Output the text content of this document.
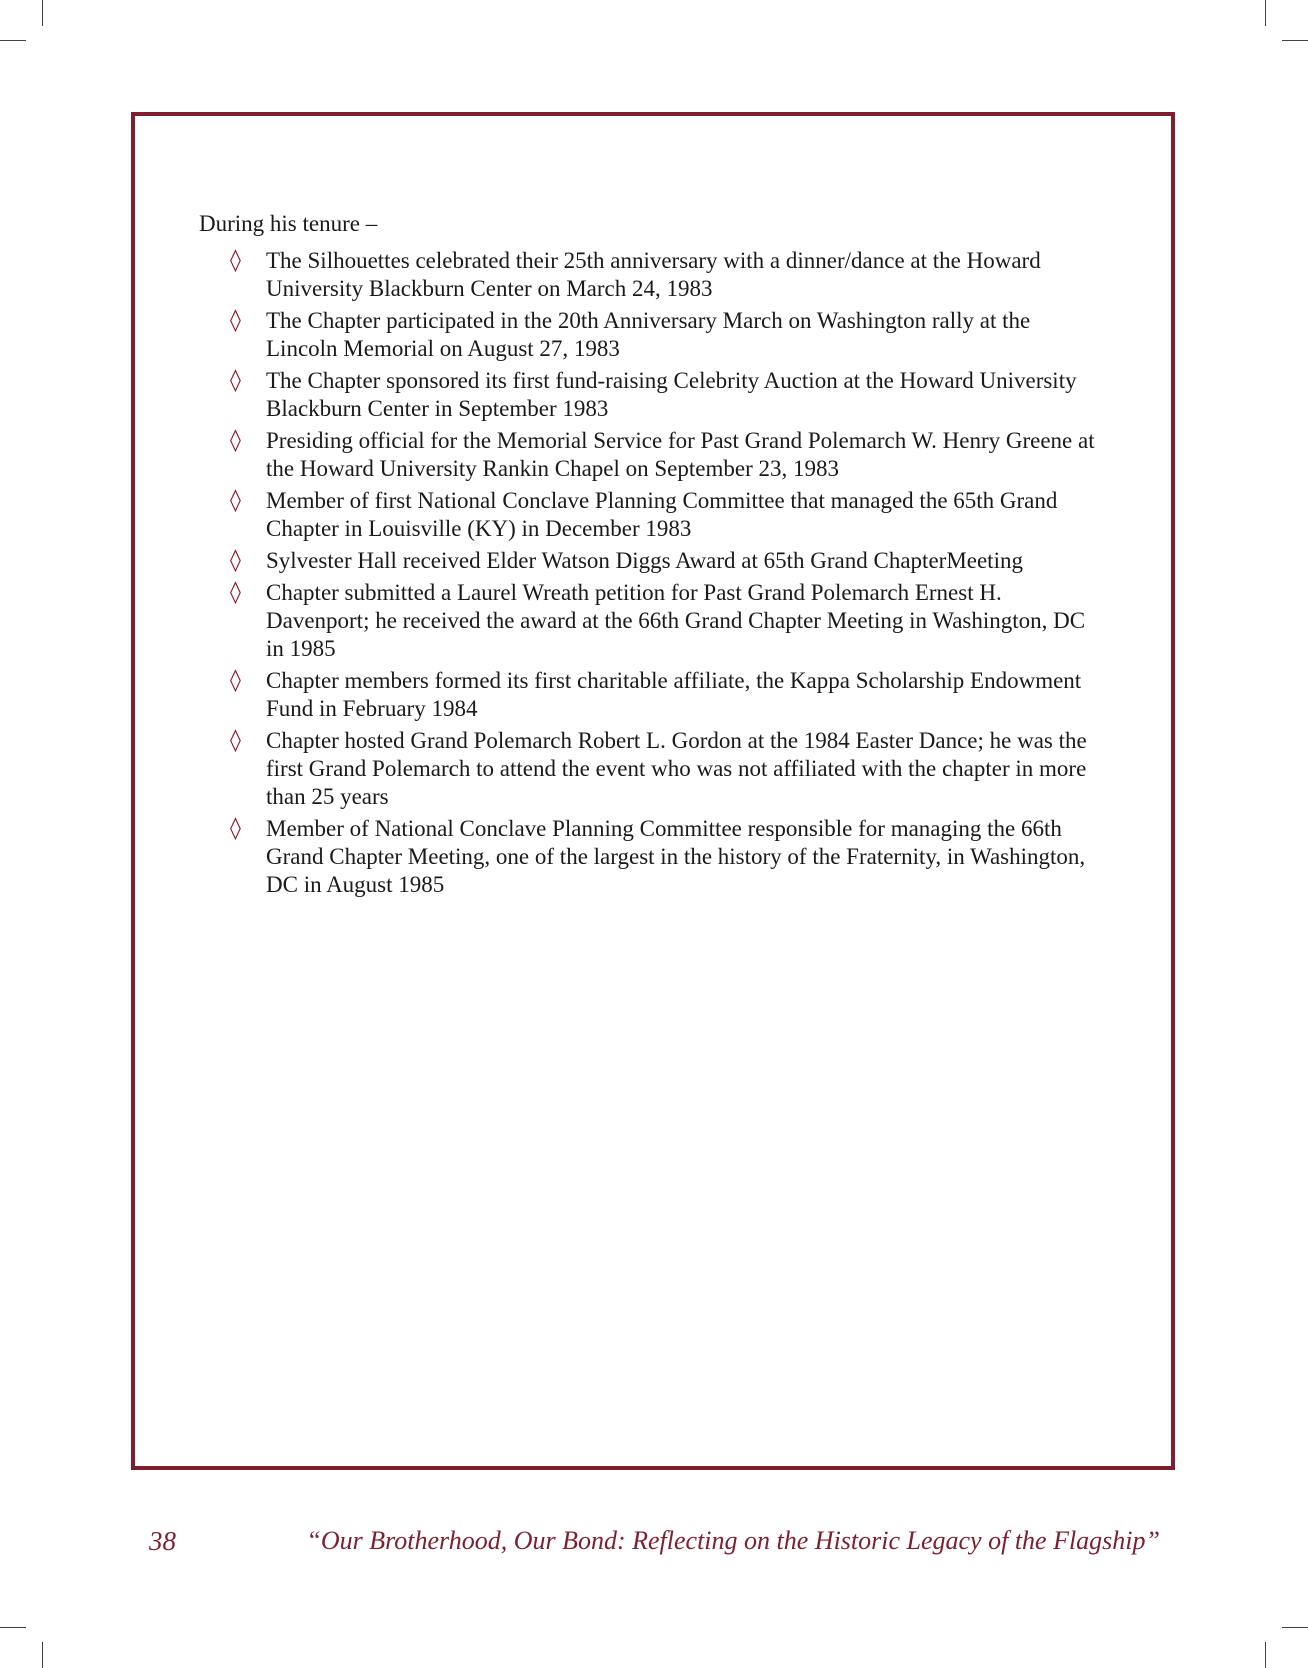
During his tenure –

◊ The Silhouettes celebrated their 25th anniversary with a dinner/dance at the Howard University Blackburn Center on March 24, 1983
◊ The Chapter participated in the 20th Anniversary March on Washington rally at the Lincoln Memorial on August 27, 1983
◊ The Chapter sponsored its first fund-raising Celebrity Auction at the Howard University Blackburn Center in September 1983
◊ Presiding official for the Memorial Service for Past Grand Polemarch W. Henry Greene at the Howard University Rankin Chapel on September 23, 1983
◊ Member of first National Conclave Planning Committee that managed the 65th Grand Chapter in Louisville (KY) in December 1983
◊ Sylvester Hall received Elder Watson Diggs Award at 65th Grand ChapterMeeting
◊ Chapter submitted a Laurel Wreath petition for Past Grand Polemarch Ernest H. Davenport; he received the award at the 66th Grand Chapter Meeting in Washington, DC in 1985
◊ Chapter members formed its first charitable affiliate, the Kappa Scholarship Endowment Fund in February 1984
◊ Chapter hosted Grand Polemarch Robert L. Gordon at the 1984 Easter Dance; he was the first Grand Polemarch to attend the event who was not affiliated with the chapter in more than 25 years
◊ Member of National Conclave Planning Committee responsible for managing the 66th Grand Chapter Meeting, one of the largest in the history of the Fraternity, in Washington, DC in August 1985
38	“Our Brotherhood, Our Bond: Reflecting on the Historic Legacy of the Flagship”
